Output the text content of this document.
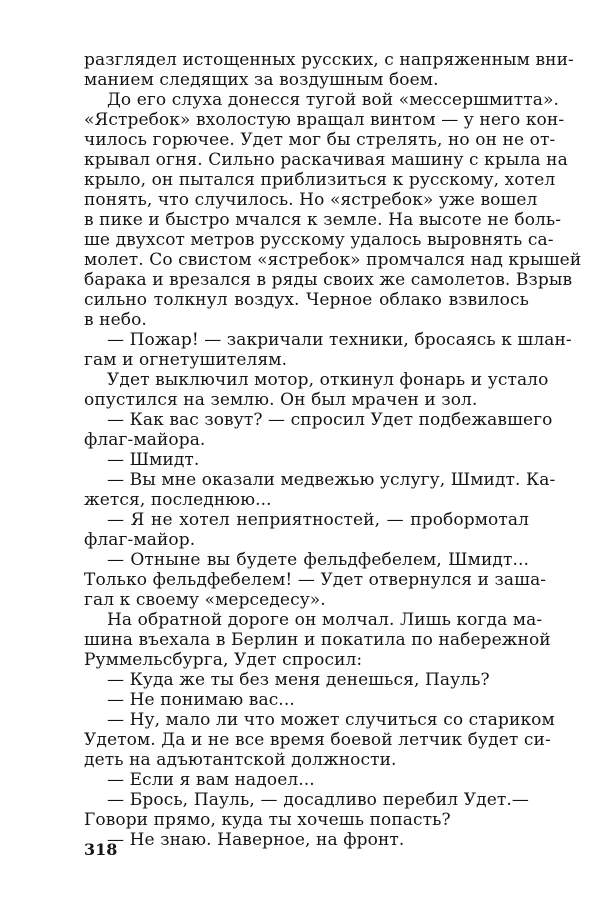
разглядел истощенных русских, с напряженным вни-
манием следящих за воздушным боем.
До его слуха донесся тугой вой «мессершмитта».
«Ястребок» вхолостую вращал винтом — у него кон-
чилось горючее. Удет мог бы стрелять, но он не от-
крывал огня. Сильно раскачивая машину с крыла на
крыло, он пытался приблизиться к русскому, хотел
понять, что случилось. Но «ястребок» уже вошел
в пике и быстро мчался к земле. На высоте не боль-
ше двухсот метров русскому удалось выровнять са-
молет. Со свистом «ястребок» промчался над крышей
барака и врезался в ряды своих же самолетов. Взрыв
сильно толкнул воздух. Черное облако взвилось
в небо.
— Пожар! — закричали техники, бросаясь к шлан-
гам и огнетушителям.
Удет выключил мотор, откинул фонарь и устало
опустился на землю. Он был мрачен и зол.
— Как вас зовут? — спросил Удет подбежавшего
флаг-майора.
— Шмидт.
— Вы мне оказали медвежью услугу, Шмидт. Ка-
жется, последнюю...
— Я не хотел неприятностей, — пробормотал
флаг-майор.
— Отныне вы будете фельдфебелем, Шмидт...
Только фельдфебелем! — Удет отвернулся и заша-
гал к своему «мерседесу».
На обратной дороге он молчал. Лишь когда ма-
шина въехала в Берлин и покатила по набережной
Руммельсбурга, Удет спросил:
— Куда же ты без меня денешься, Пауль?
— Не понимаю вас...
— Ну, мало ли что может случиться со стариком
Удетом. Да и не все время боевой летчик будет си-
деть на адъютантской должности.
— Если я вам надоел...
— Брось, Пауль, — досадливо перебил Удет.—
Говори прямо, куда ты хочешь попасть?
— Не знаю. Наверное, на фронт.
318
